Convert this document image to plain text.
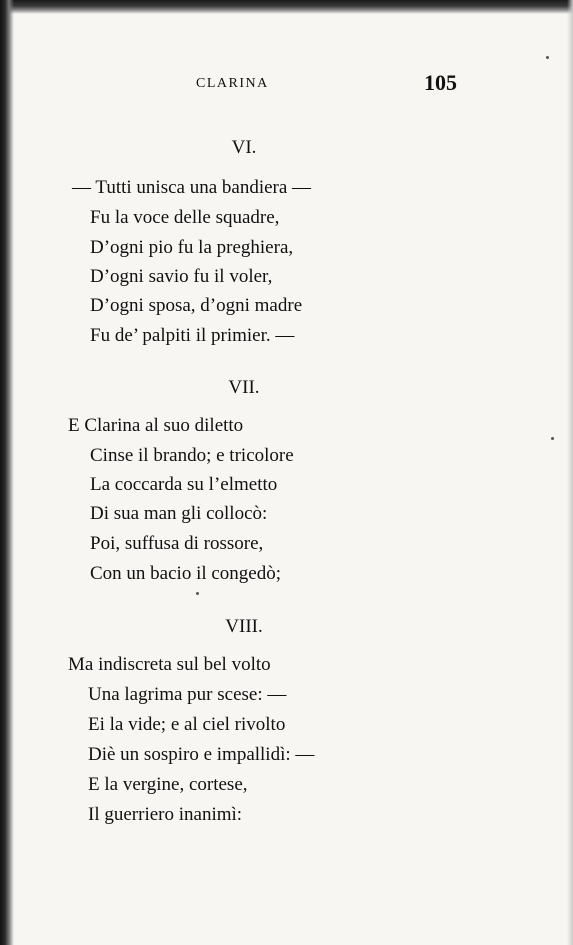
CLARINA	105
VI.
— Tutti unisca una bandiera —
Fu la voce delle squadre,
D’ogni pio fu la preghiera,
D’ogni savio fu il voler,
D’ogni sposa, d’ogni madre
Fu de’ palpiti il primier. —
VII.
E Clarina al suo diletto
Cinse il brando; e tricolore
La coccarda su l’elmetto
Di sua man gli collocò:
Poi, suffusa di rossore,
Con un bacio il congedò;
VIII.
Ma indiscreta sul bel volto
Una lagrima pur scese: —
Ei la vide; e al ciel rivolto
Diè un sospiro e impallidì: —
E la vergine, cortese,
Il guerriero inanimì:
